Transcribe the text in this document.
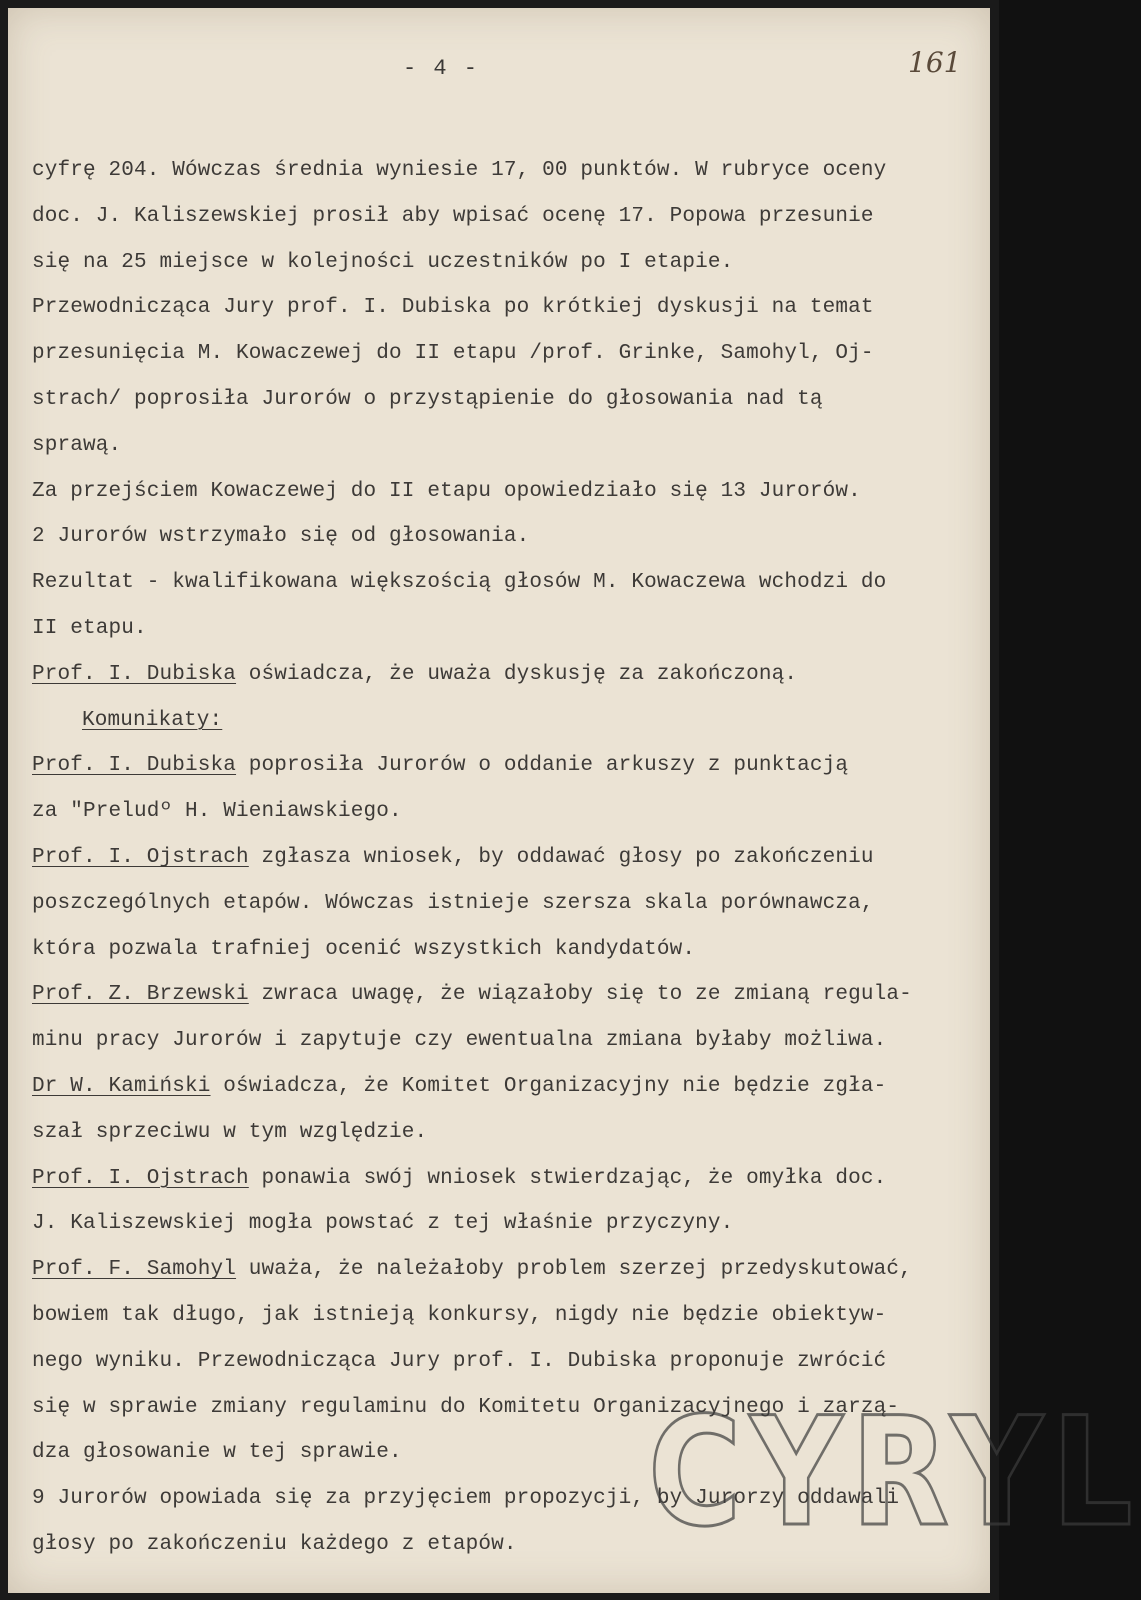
- 4 -	161
cyfrę 204. Wówczas średnia wyniesie 17, 00 punktów. W rubryce oceny
doc. J. Kaliszewskiej prosił aby wpisać ocenę 17. Popowa przesunie
się na 25 miejsce w kolejności uczestników po I etapie.
Przewodnicząca Jury prof. I. Dubiska po krótkiej dyskusji na temat
przesunięcia M. Kowaczewej do II etapu /prof. Grinke, Samohyl, Oj-
strach/ poprosiła Jurorów o przystąpienie do głosowania nad tą
sprawą.
Za przejściem Kowaczewej do II etapu opowiedziało się 13 Jurorów.
2 Jurorów wstrzymało się od głosowania.
Rezultat - kwalifikowana większością głosów M. Kowaczewa wchodzi do
II etapu.
Prof. I. Dubiska oświadcza, że uważa dyskusję za zakończoną.
Komunikaty:
Prof. I. Dubiska poprosiła Jurorów o oddanie arkuszy z punktacją
za "Preludº H. Wieniawskiego.
Prof. I. Ojstrach zgłasza wniosek, by oddawać głosy po zakończeniu
poszczególnych etapów. Wówczas istnieje szersza skala porównawcza,
która pozwala trafniej ocenić wszystkich kandydatów.
Prof. Z. Brzewski zwraca uwagę, że wiązałoby się to ze zmianą regula-
minu pracy Jurorów i zapytuje czy ewentualna zmiana byłaby możliwa.
Dr W. Kamiński oświadcza, że Komitet Organizacyjny nie będzie zgła-
szał sprzeciwu w tym względzie.
Prof. I. Ojstrach ponawia swój wniosek stwierdzając, że omyłka doc.
J. Kaliszewskiej mogła powstać z tej właśnie przyczyny.
Prof. F. Samohyl uważa, że należałoby problem szerzej przedyskutować,
bowiem tak długo, jak istnieją konkursy, nigdy nie będzie obiektyw-
nego wyniku. Przewodnicząca Jury prof. I. Dubiska proponuje zwrócić
się w sprawie zmiany regulaminu do Komitetu Organizacyjnego i zarzą-
dza głosowanie w tej sprawie.
9 Jurorów opowiada się za przyjęciem propozycji, by Jurorzy oddawali
głosy po zakończeniu każdego z etapów. CYRYL
